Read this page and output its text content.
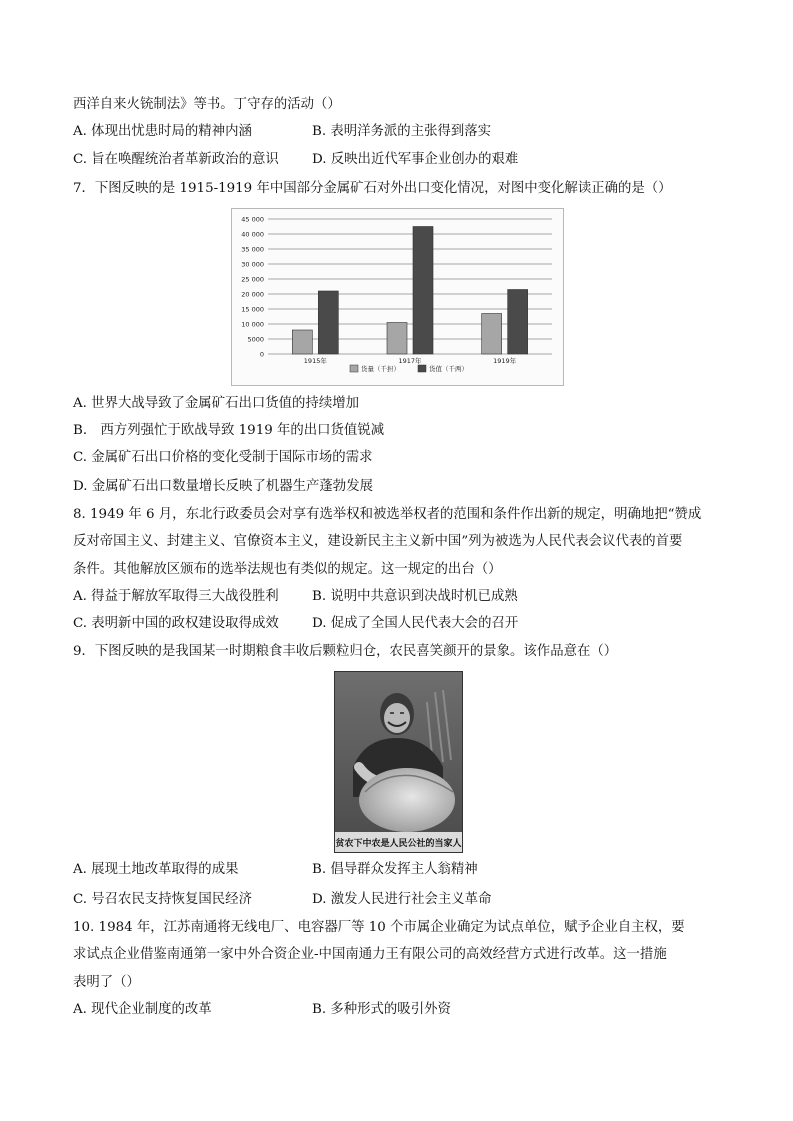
西洋自来火铳制法》等书。丁守存的活动（）
A. 体现出忧患时局的精神内涵	B. 表明洋务派的主张得到落实
C. 旨在唤醒统治者革新政治的意识 D. 反映出近代军事企业创办的艰难
7．下图反映的是 1915-1919 年中国部分金属矿石对外出口变化情况，对图中变化解读正确的是（）
0
5000
10 000
15 000
20 000
25 000
30 000
35 000
40 000
45 000
1915年	1917年	1919年
货量（千担）	货值（千两）
A. 世界大战导致了金属矿石出口货值的持续增加
B． 西方列强忙于欧战导致 1919 年的出口货值锐减
C. 金属矿石出口价格的变化受制于国际市场的需求
D. 金属矿石出口数量增长反映了机器生产蓬勃发展
8. 1949 年 6 月，东北行政委员会对享有选举权和被选举权者的范围和条件作出新的规定，明确地把“赞成
反对帝国主义、封建主义、官僚资本主义，建设新民主主义新中国”列为被选为人民代表会议代表的首要
条件。其他解放区颁布的选举法规也有类似的规定。这一规定的出台（）
A. 得益于解放军取得三大战役胜利 B. 说明中共意识到决战时机已成熟
C. 表明新中国的政权建设取得成效 D. 促成了全国人民代表大会的召开
9．下图反映的是我国某一时期粮食丰收后颗粒归仓，农民喜笑颜开的景象。该作品意在（）
贫农下中农是人民公社的当家人
A. 展现土地改革取得的成果	B. 倡导群众发挥主人翁精神
C. 号召农民支持恢复国民经济	D. 激发人民进行社会主义革命
10. 1984 年，江苏南通将无线电厂、电容器厂等 10 个市属企业确定为试点单位，赋予企业自主权，要
求试点企业借鉴南通第一家中外合资企业-中国南通力王有限公司的高效经营方式进行改革。这一措施
表明了（）
A. 现代企业制度的改革	B. 多种形式的吸引外资
